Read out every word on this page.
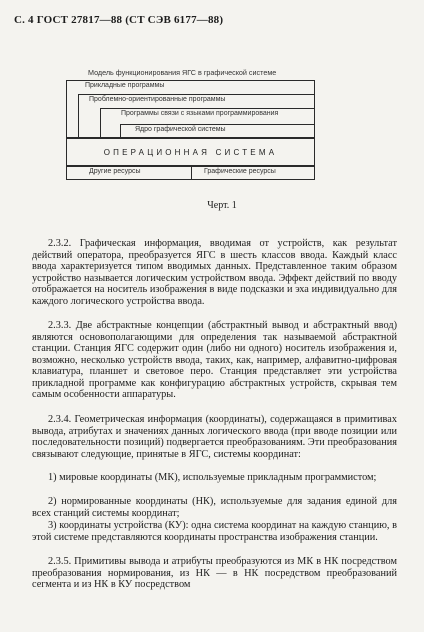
С. 4 ГОСТ 27817—88 (СТ СЭВ 6177—88)
Модель функционирования ЯГС в графической системе
Прикладные программы
Проблемно-ориентированные программы
Программы связи с языками программирования
Ядро графической системы
ОПЕРАЦИОННАЯ СИСТЕМА
Другие ресурсы	Графические ресурсы
Черт. 1
2.3.2. Графическая информация, вводимая от устройств, как результат действий оператора, преобразуется ЯГС в шесть классов ввода. Каждый класс ввода характеризуется типом вводимых данных. Представленное таким образом устройство называется логическим устройством ввода. Эффект действий по вводу отображается на носитель изображения в виде подсказки и эха индивидуально для каждого логического устройства ввода.
2.3.3. Две абстрактные концепции (абстрактный вывод и абстрактный ввод) являются основополагающими для определения так называемой абстрактной станции. Станция ЯГС содержит один (либо ни одного) носитель изображения и, возможно, несколько устройств ввода, таких, как, например, алфавитно-цифровая клавиатура, планшет и световое перо. Станция представляет эти устройства прикладной программе как конфигурацию абстрактных устройств, скрывая тем самым особенности аппаратуры.
2.3.4. Геометрическая информация (координаты), содержащаяся в примитивах вывода, атрибутах и значениях данных логического ввода (при вводе позиции или последовательности позиций) подвергается преобразованиям. Эти преобразования связывают следующие, принятые в ЯГС, системы координат:
1) мировые координаты (МК), используемые прикладным программистом;
2) нормированные координаты (НК), используемые для задания единой для всех станций системы координат;
3) координаты устройства (КУ): одна система координат на каждую станцию, в этой системе представляются координаты пространства изображения станции.
2.3.5. Примитивы вывода и атрибуты преобразуются из МК в НК посредством преобразования нормирования, из НК — в НК посредством преобразований сегмента и из НК в КУ посредством
